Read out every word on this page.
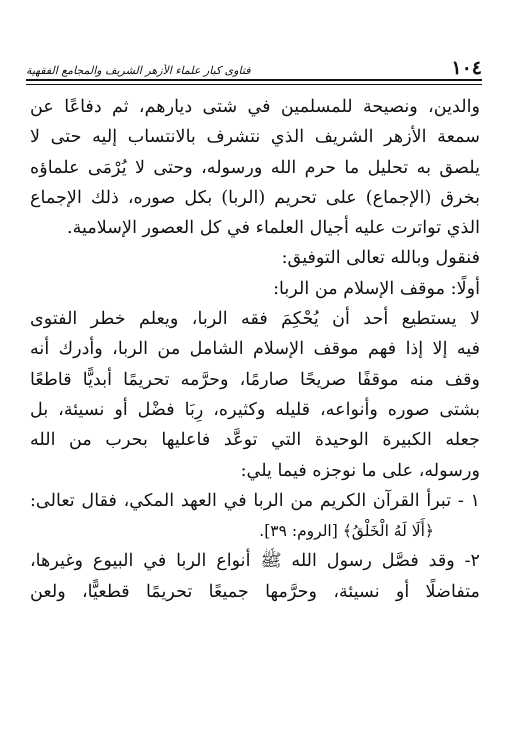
١٠٤
فتاوى كبار علماء الأزهر الشريف والمجامع الفقهية
والدين، ونصيحة للمسلمين في شتى ديارهم، ثم دفاعًا عن
سمعة الأزهر الشريف الذي نتشرف بالانتساب إليه حتى لا
يلصق به تحليل ما حرم الله ورسوله، وحتى لا يُرْمَى علماؤه
بخرق (الإجماع) على تحريم (الربا) بكل صوره، ذلك الإجماع
الذي تواترت عليه أجيال العلماء في كل العصور الإسلامية.
فنقول وبالله تعالى التوفيق:
أولًا: موقف الإسلام من الربا:
لا يستطيع أحد أن يُحْكِمَ فقه الربا، ويعلم خطر الفتوى
فيه إلا إذا فهم موقف الإسلام الشامل من الربا، وأدرك أنه
وقف منه موقفًا صريحًا صارمًا، وحرَّمه تحريمًا أبديًّا قاطعًا
بشتى صوره وأنواعه، قليله وكثيره، رِبَا فضْل أو نسيئة، بل
جعله الكبيرة الوحيدة التي توعَّد فاعليها بحرب من الله
ورسوله، على ما نوجزه فيما يلي:
١ - تبرأ القرآن الكريم من الربا في العهد المكي، فقال تعالى:
﴿أَلَا لَهُ الْخَلْقُ﴾ [الروم: ٣٩].
٢- وقد فصَّل رسول الله ﷺ أنواع الربا في البيوع وغيرها،
متفاضلًا أو نسيئة، وحرَّمها جميعًا تحريمًا قطعيًّا، ولعن
